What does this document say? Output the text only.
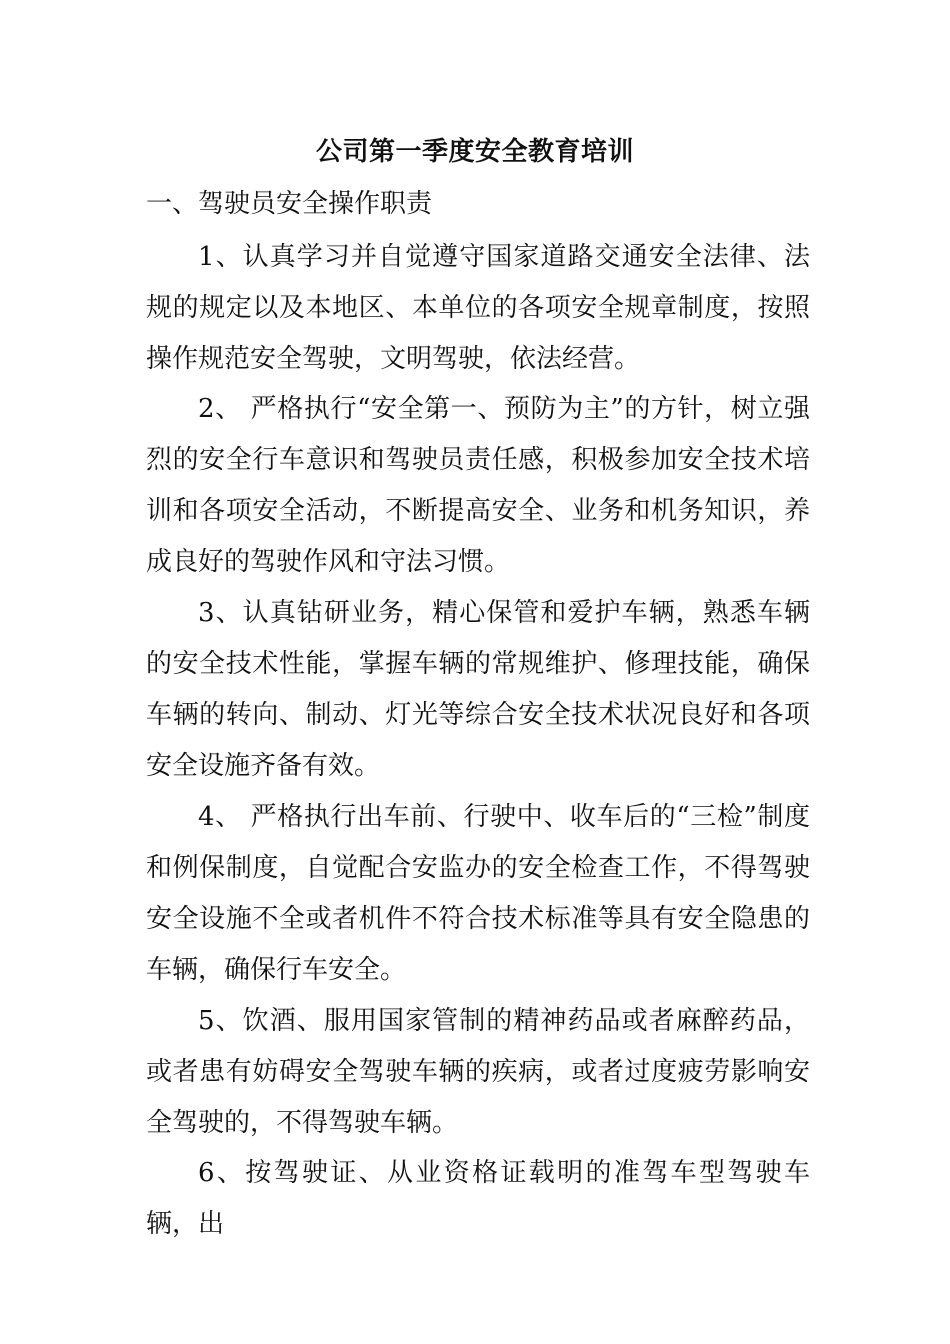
公司第一季度安全教育培训
一、驾驶员安全操作职责

1、认真学习并自觉遵守国家道路交通安全法律、法规的规定以及本地区、本单位的各项安全规章制度，按照操作规范安全驾驶，文明驾驶，依法经营。

2、 严格执行“安全第一、预防为主”的方针，树立强烈的安全行车意识和驾驶员责任感，积极参加安全技术培训和各项安全活动，不断提高安全、业务和机务知识，养成良好的驾驶作风和守法习惯。

3、认真钻研业务，精心保管和爱护车辆，熟悉车辆的安全技术性能，掌握车辆的常规维护、修理技能，确保车辆的转向、制动、灯光等综合安全技术状况良好和各项安全设施齐备有效。

4、 严格执行出车前、行驶中、收车后的“三检”制度和例保制度，自觉配合安监办的安全检查工作，不得驾驶安全设施不全或者机件不符合技术标准等具有安全隐患的车辆，确保行车安全。

5、饮酒、服用国家管制的精神药品或者麻醉药品，或者患有妨碍安全驾驶车辆的疾病，或者过度疲劳影响安全驾驶的，不得驾驶车辆。

6、按驾驶证、从业资格证载明的准驾车型驾驶车辆，出
